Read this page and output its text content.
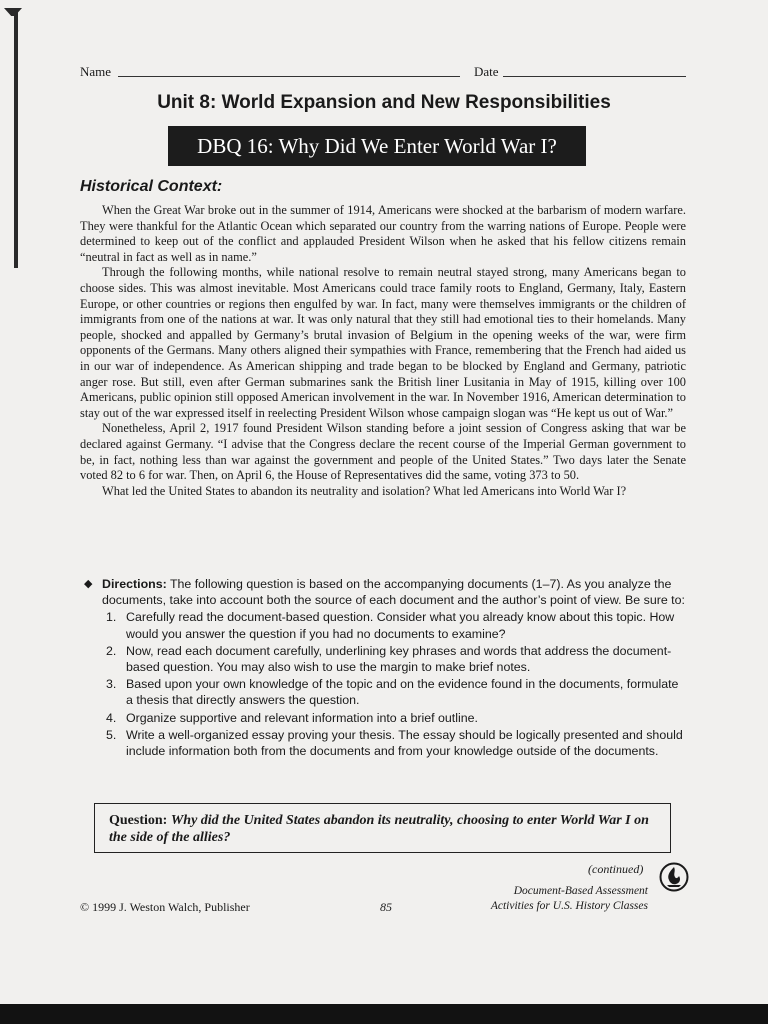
Name	Date
Unit 8: World Expansion and New Responsibilities
DBQ 16: Why Did We Enter World War I?
Historical Context:

When the Great War broke out in the summer of 1914, Americans were shocked at the barbarism of modern warfare. They were thankful for the Atlantic Ocean which separated our country from the warring nations of Europe. People were determined to keep out of the conflict and applauded President Wilson when he asked that his fellow citizens remain “neutral in fact as well as in name.”

Through the following months, while national resolve to remain neutral stayed strong, many Americans began to choose sides. This was almost inevitable. Most Americans could trace family roots to England, Germany, Italy, Eastern Europe, or other countries or regions then engulfed by war. In fact, many were themselves immigrants or the children of immigrants from one of the nations at war. It was only natural that they still had emotional ties to their homelands. Many people, shocked and appalled by Germany’s brutal invasion of Belgium in the opening weeks of the war, were firm opponents of the Germans. Many others aligned their sympathies with France, remembering that the French had aided us in our war of independence. As American shipping and trade began to be blocked by England and Germany, patriotic anger rose. But still, even after German submarines sank the British liner Lusitania in May of 1915, killing over 100 Americans, public opinion still opposed American involvement in the war. In November 1916, American determination to stay out of the war expressed itself in reelecting President Wilson whose campaign slogan was “He kept us out of War.”

Nonetheless, April 2, 1917 found President Wilson standing before a joint session of Congress asking that war be declared against Germany. “I advise that the Congress declare the recent course of the Imperial German government to be, in fact, nothing less than war against the government and people of the United States.” Two days later the Senate voted 82 to 6 for war. Then, on April 6, the House of Representatives did the same, voting 373 to 50.

What led the United States to abandon its neutrality and isolation? What led Americans into World War I?

◆ Directions: The following question is based on the accompanying documents (1–7). As you analyze the documents, take into account both the source of each document and the author’s point of view. Be sure to:
1. Carefully read the document-based question. Consider what you already know about this topic. How would you answer the question if you had no documents to examine?
2. Now, read each document carefully, underlining key phrases and words that address the document-based question. You may also wish to use the margin to make brief notes.
3. Based upon your own knowledge of the topic and on the evidence found in the documents, formulate a thesis that directly answers the question.
4. Organize supportive and relevant information into a brief outline.
5. Write a well-organized essay proving your thesis. The essay should be logically presented and should include information both from the documents and from your knowledge outside of the documents.
Question: Why did the United States abandon its neutrality, choosing to enter World War I on the side of the allies?
(continued)
© 1999 J. Weston Walch, Publisher	85
Document-Based Assessment
Activities for U.S. History Classes
